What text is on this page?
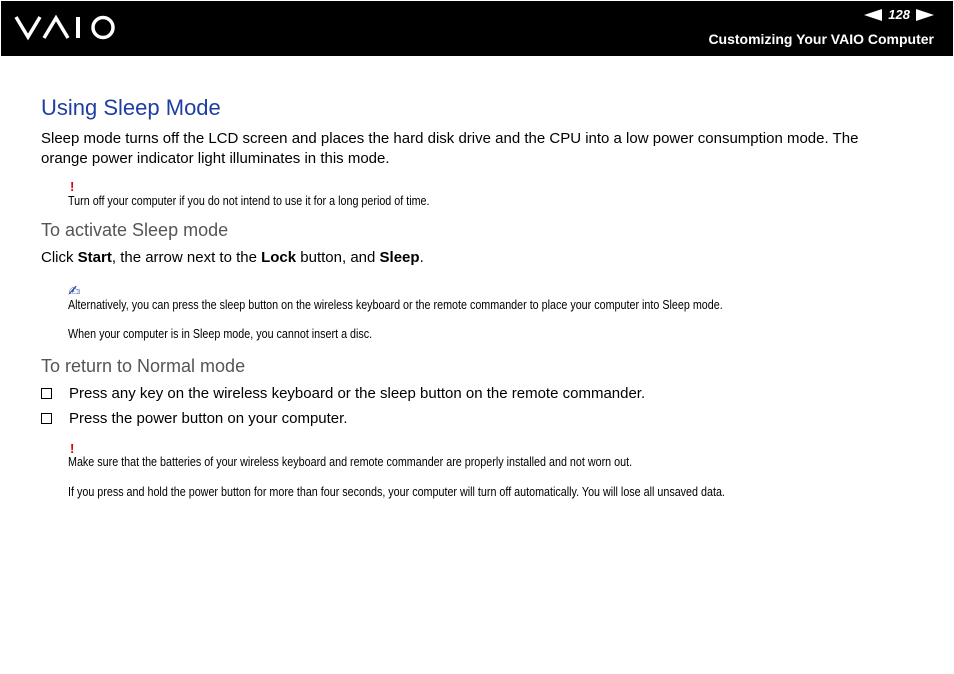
128
Customizing Your VAIO Computer
Using Sleep Mode

Sleep mode turns off the LCD screen and places the hard disk drive and the CPU into a low power consumption mode. The

orange power indicator light illuminates in this mode.

!

Turn off your computer if you do not intend to use it for a long period of time.

To activate Sleep mode

Click Start, the arrow next to the Lock button, and Sleep.

✍

Alternatively, you can press the sleep button on the wireless keyboard or the remote commander to place your computer into Sleep mode.

When your computer is in Sleep mode, you cannot insert a disc.

To return to Normal mode
Press any key on the wireless keyboard or the sleep button on the remote commander.
Press the power button on your computer.
!

Make sure that the batteries of your wireless keyboard and remote commander are properly installed and not worn out.

If you press and hold the power button for more than four seconds, your computer will turn off automatically. You will lose all unsaved data.
